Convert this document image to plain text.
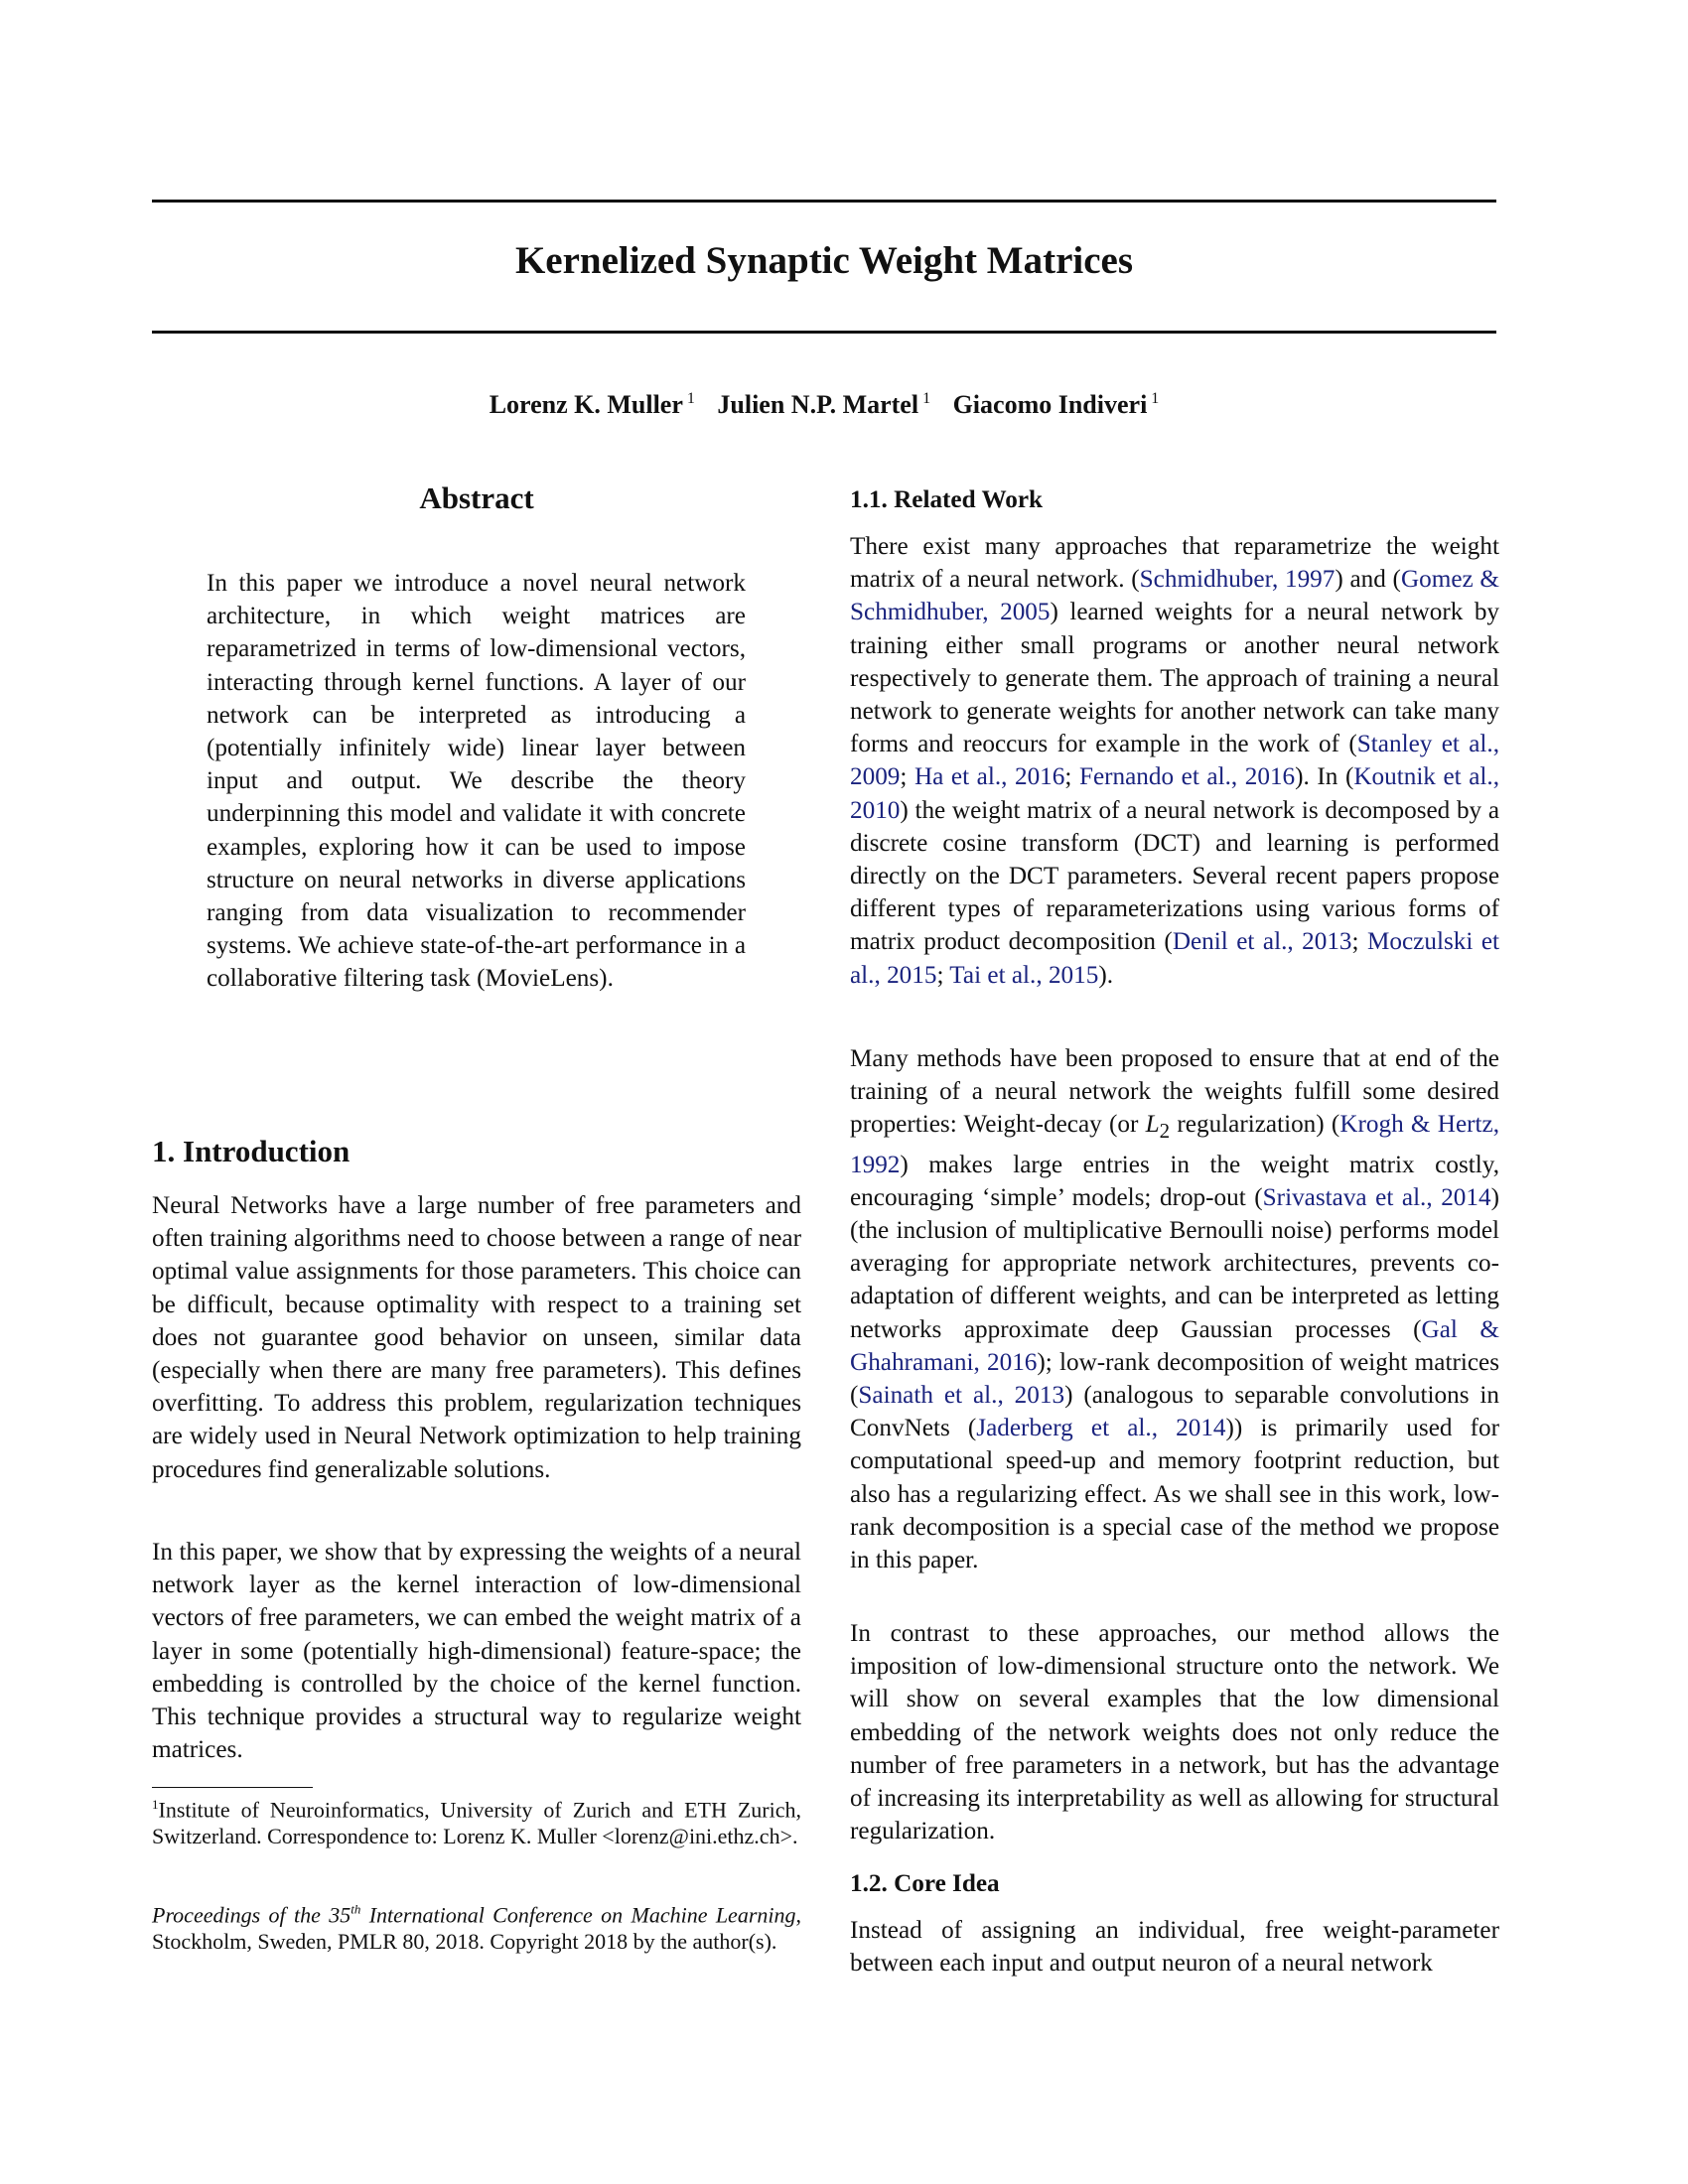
Kernelized Synaptic Weight Matrices
Lorenz K. Muller $^1$ Julien N.P. Martel $^1$ Giacomo Indiveri $^1$
Abstract

In this paper we introduce a novel neural network architecture, in which weight matrices are reparametrized in terms of low-dimensional vectors, interacting through kernel functions. A layer of our network can be interpreted as introducing a (potentially infinitely wide) linear layer between input and output. We describe the theory underpinning this model and validate it with concrete examples, exploring how it can be used to impose structure on neural networks in diverse applications ranging from data visualization to recommender systems. We achieve state-of-the-art performance in a collaborative filtering task (MovieLens).

1. Introduction

Neural Networks have a large number of free parameters and often training algorithms need to choose between a range of near optimal value assignments for those parameters. This choice can be difficult, because optimality with respect to a training set does not guarantee good behavior on unseen, similar data (especially when there are many free parameters). This defines overfitting. To address this problem, regularization techniques are widely used in Neural Network optimization to help training procedures find generalizable solutions.

In this paper, we show that by expressing the weights of a neural network layer as the kernel interaction of low-dimensional vectors of free parameters, we can embed the weight matrix of a layer in some (potentially high-dimensional) feature-space; the embedding is controlled by the choice of the kernel function. This technique provides a structural way to regularize weight matrices.

$^1$Institute of Neuroinformatics, University of Zurich and ETH Zurich, Switzerland. Correspondence to: Lorenz K. Muller <lorenz@ini.ethz.ch>.

Proceedings of the 35th International Conference on Machine Learning, Stockholm, Sweden, PMLR 80, 2018. Copyright 2018 by the author(s).

1.1. Related Work

There exist many approaches that reparametrize the weight matrix of a neural network. (Schmidhuber, 1997) and (Gomez & Schmidhuber, 2005) learned weights for a neural network by training either small programs or another neural network respectively to generate them. The approach of training a neural network to generate weights for another network can take many forms and reoccurs for example in the work of (Stanley et al., 2009; Ha et al., 2016; Fernando et al., 2016). In (Koutnik et al., 2010) the weight matrix of a neural network is decomposed by a discrete cosine transform (DCT) and learning is performed directly on the DCT parameters. Several recent papers propose different types of reparameterizations using various forms of matrix product decomposition (Denil et al., 2013; Moczulski et al., 2015; Tai et al., 2015).

Many methods have been proposed to ensure that at end of the training of a neural network the weights fulfill some desired properties: Weight-decay (or $L_2$ regularization) (Krogh & Hertz, 1992) makes large entries in the weight matrix costly, encouraging ‘simple’ models; drop-out (Srivastava et al., 2014) (the inclusion of multiplicative Bernoulli noise) performs model averaging for appropriate network architectures, prevents co-adaptation of different weights, and can be interpreted as letting networks approximate deep Gaussian processes (Gal & Ghahramani, 2016); low-rank decomposition of weight matrices (Sainath et al., 2013) (analogous to separable convolutions in ConvNets (Jaderberg et al., 2014)) is primarily used for computational speed-up and memory footprint reduction, but also has a regularizing effect. As we shall see in this work, low-rank decomposition is a special case of the method we propose in this paper.

In contrast to these approaches, our method allows the imposition of low-dimensional structure onto the network. We will show on several examples that the low dimensional embedding of the network weights does not only reduce the number of free parameters in a network, but has the advantage of increasing its interpretability as well as allowing for structural regularization.

1.2. Core Idea

Instead of assigning an individual, free weight-parameter between each input and output neuron of a neural network
